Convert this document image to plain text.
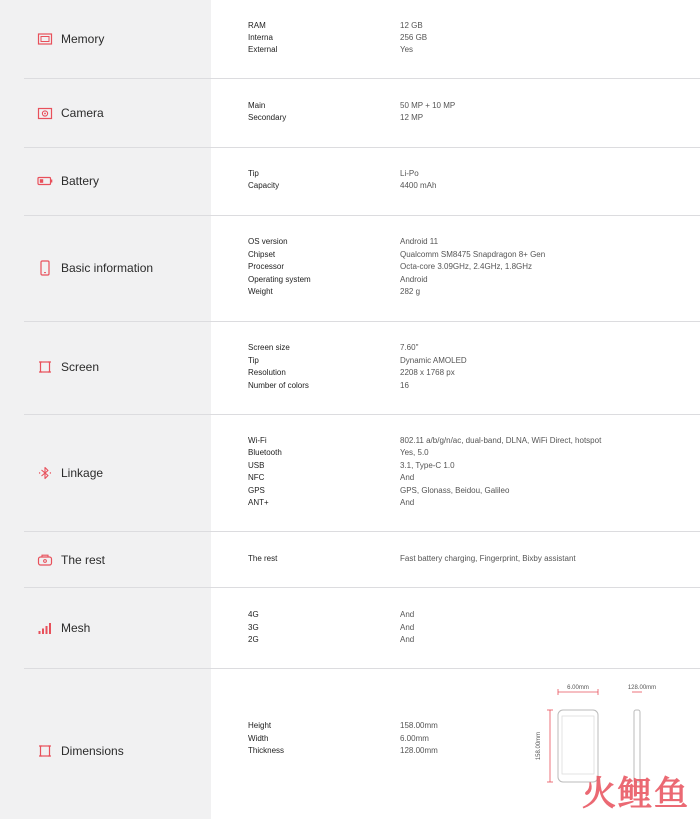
Memory
RAM	12 GB
Interna	256 GB
External	Yes
Camera
Main	50 MP + 10 MP
Secondary	12 MP
Battery
Tip	Li-Po
Capacity	4400 mAh
Basic information
OS version	Android 11
Chipset	Qualcomm SM8475 Snapdragon 8+ Gen
Processor	Octa-core 3.09GHz, 2.4GHz, 1.8GHz
Operating system	Android
Weight	282 g
Screen
Screen size	7.60"
Tip	Dynamic AMOLED
Resolution	2208 x 1768 px
Number of colors	16
Linkage
Wi-Fi	802.11 a/b/g/n/ac, dual-band, DLNA, WiFi Direct, hotspot
Bluetooth	Yes, 5.0
USB	3.1, Type-C 1.0
NFC	And
GPS	GPS, Glonass, Beidou, Galileo
ANT+	And
The rest	The rest	Fast battery charging, Fingerprint, Bixby assistant
Mesh
4G	And
3G	And
2G	And
Dimensions
Height	158.00mm
Width	6.00mm
Thickness	128.00mm
6.00mm	128.00mm
158.00mm
火鲤鱼
